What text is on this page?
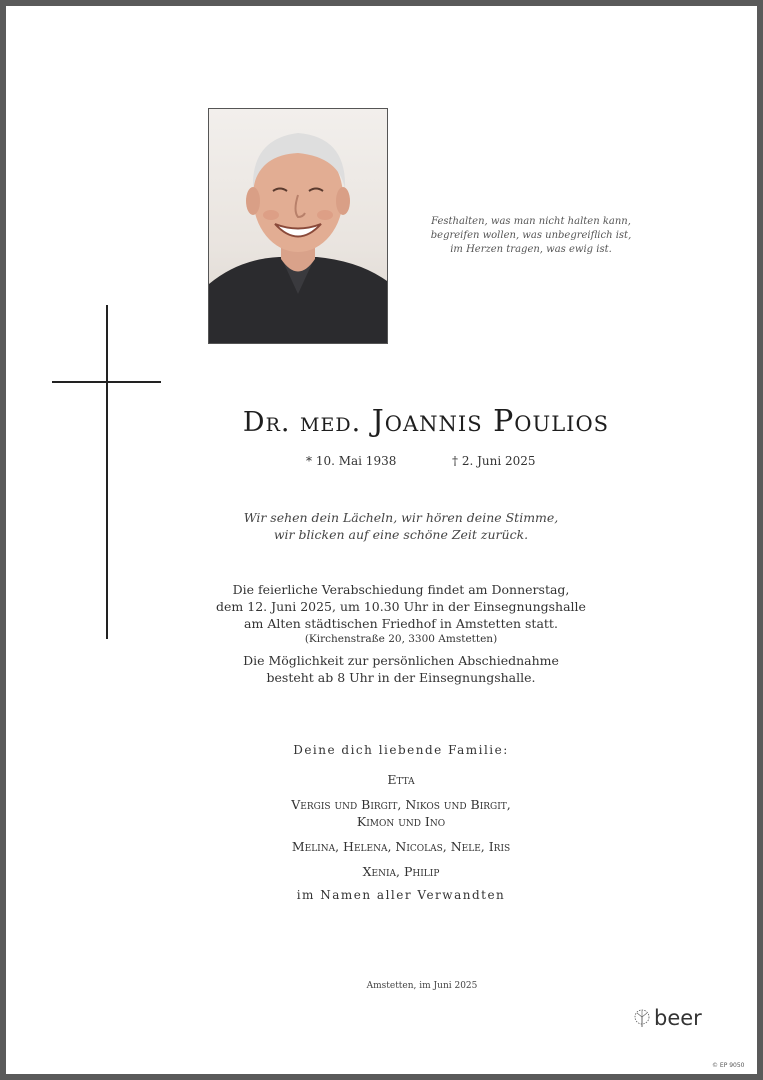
Festhalten, was man nicht halten kann,
begreifen wollen, was unbegreiflich ist,
im Herzen tragen, was ewig ist.
Dr. med. Joannis Poulios
* 10. Mai 1938	† 2. Juni 2025
Wir sehen dein Lächeln, wir hören deine Stimme,
wir blicken auf eine schöne Zeit zurück.
Die feierliche Verabschiedung findet am Donnerstag,
dem 12. Juni 2025, um 10.30 Uhr in der Einsegnungshalle
am Alten städtischen Friedhof in Amstetten statt.
(Kirchenstraße 20, 3300 Amstetten)
Die Möglichkeit zur persönlichen Abschiednahme
besteht ab 8 Uhr in der Einsegnungshalle.
Deine dich liebende Familie:
Etta
Vergis und Birgit, Nikos und Birgit,
Kimon und Ino
Melina, Helena, Nicolas, Nele, Iris
Xenia, Philip
im Namen aller Verwandten
Amstetten, im Juni 2025
beer
© EP 9050
